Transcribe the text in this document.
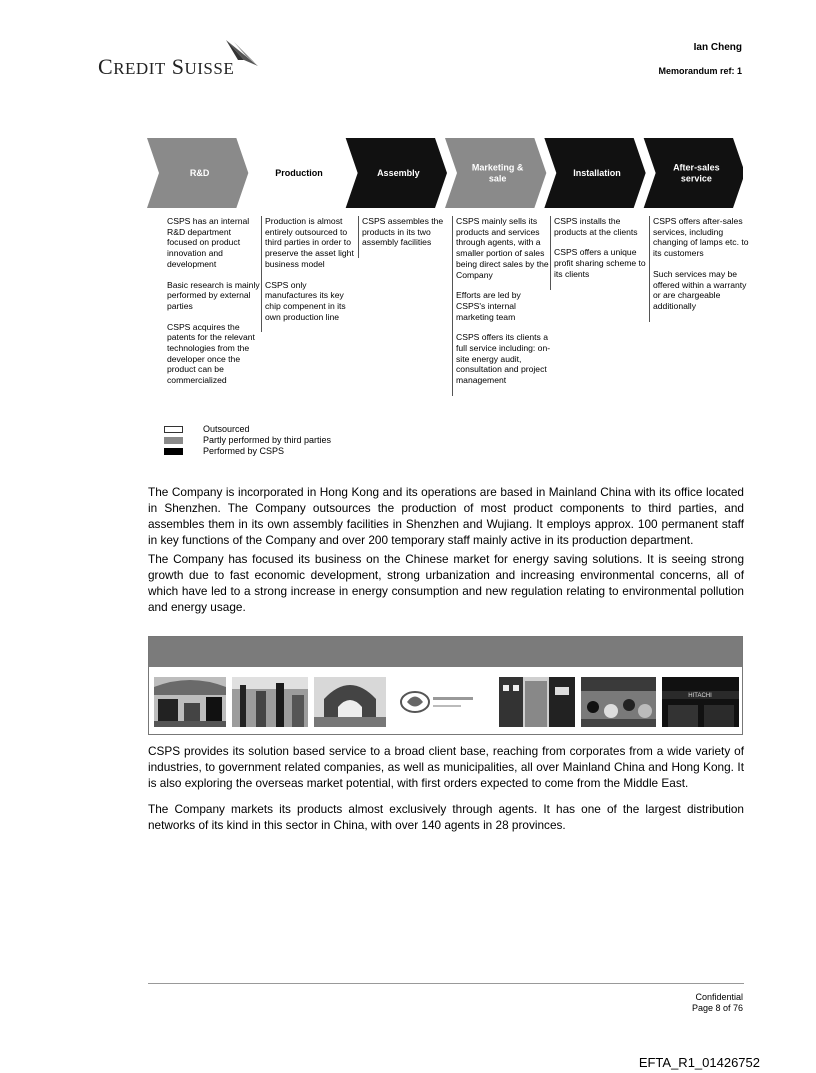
CREDIT SUISSE
Ian Cheng
Memorandum ref: 1
R&D	Production	Assembly
Marketing & sale
Installation
After-sales service

CSPS has an internal R&D department focused on product innovation and development

Basic research is mainly performed by external parties

CSPS acquires the patents for the relevant technologies from the developer once the product can be commercialized

Production is almost entirely outsourced to third parties in order to preserve the asset light business model

CSPS only manufactures its key chip compenent in its own production line

CSPS assembles the products in its two assembly facilities

CSPS mainly sells its products and services through agents, with a smaller portion of sales being direct sales by the Company

Efforts are led by CSPS's internal marketing team

CSPS offers its clients a full service including: on-site energy audit, consultation and project management

CSPS installs the products at the clients

CSPS offers a unique profit sharing scheme to its clients

CSPS offers after-sales services, including changing of lamps etc. to its customers

Such services may be offered within a warranty or are chargeable additionally

Outsourced
Partly performed by third parties
Performed by CSPS

The Company is incorporated in Hong Kong and its operations are based in Mainland China with its office located in Shenzhen. The Company outsources the production of most product components to third parties, and assembles them in its own assembly facilities in Shenzhen and Wujiang. It employs approx. 100 permanent staff in key functions of the Company and over 200 temporary staff mainly active in its production department.

The Company has focused its business on the Chinese market for energy saving solutions. It is seeing strong growth due to fast economic development, strong urbanization and increasing environmental concerns, all of which have led to a strong increase in energy consumption and new regulation relating to environmental pollution and energy usage.

HITACHI

CSPS provides its solution based service to a broad client base, reaching from corporates from a wide variety of industries, to government related companies, as well as municipalities, all over Mainland China and Hong Kong. It is also exploring the overseas market potential, with first orders expected to come from the Middle East.

The Company markets its products almost exclusively through agents. It has one of the largest distribution networks of its kind in this sector in China, with over 140 agents in 28 provinces.

Confidential
Page 8 of 76
EFTA_R1_01426752
